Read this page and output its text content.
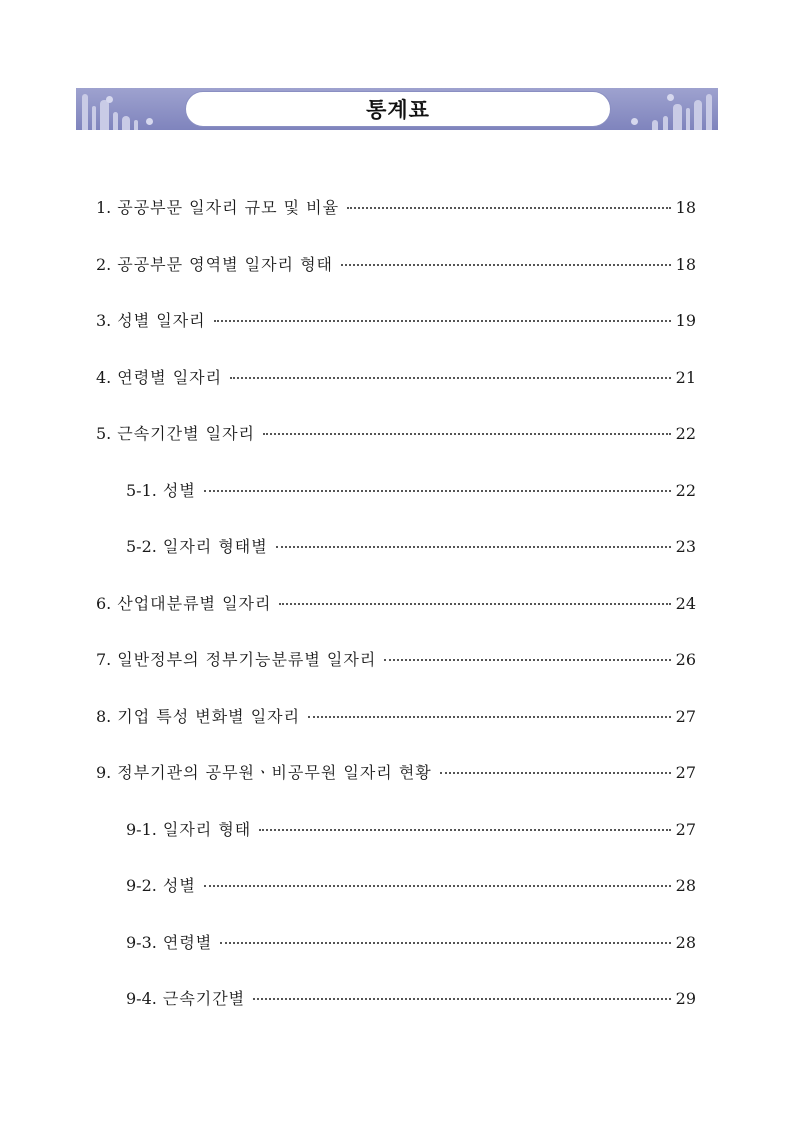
통계표
1. 공공부문 일자리 규모 및 비율	18
2. 공공부문 영역별 일자리 형태	18
3. 성별 일자리	19
4. 연령별 일자리	21
5. 근속기간별 일자리	22
5-1. 성별	22
5-2. 일자리 형태별	23
6. 산업대분류별 일자리	24
7. 일반정부의 정부기능분류별 일자리	26
8. 기업 특성 변화별 일자리	27
9. 정부기관의 공무원ㆍ비공무원 일자리 현황	27
9-1. 일자리 형태	27
9-2. 성별	28
9-3. 연령별	28
9-4. 근속기간별	29
